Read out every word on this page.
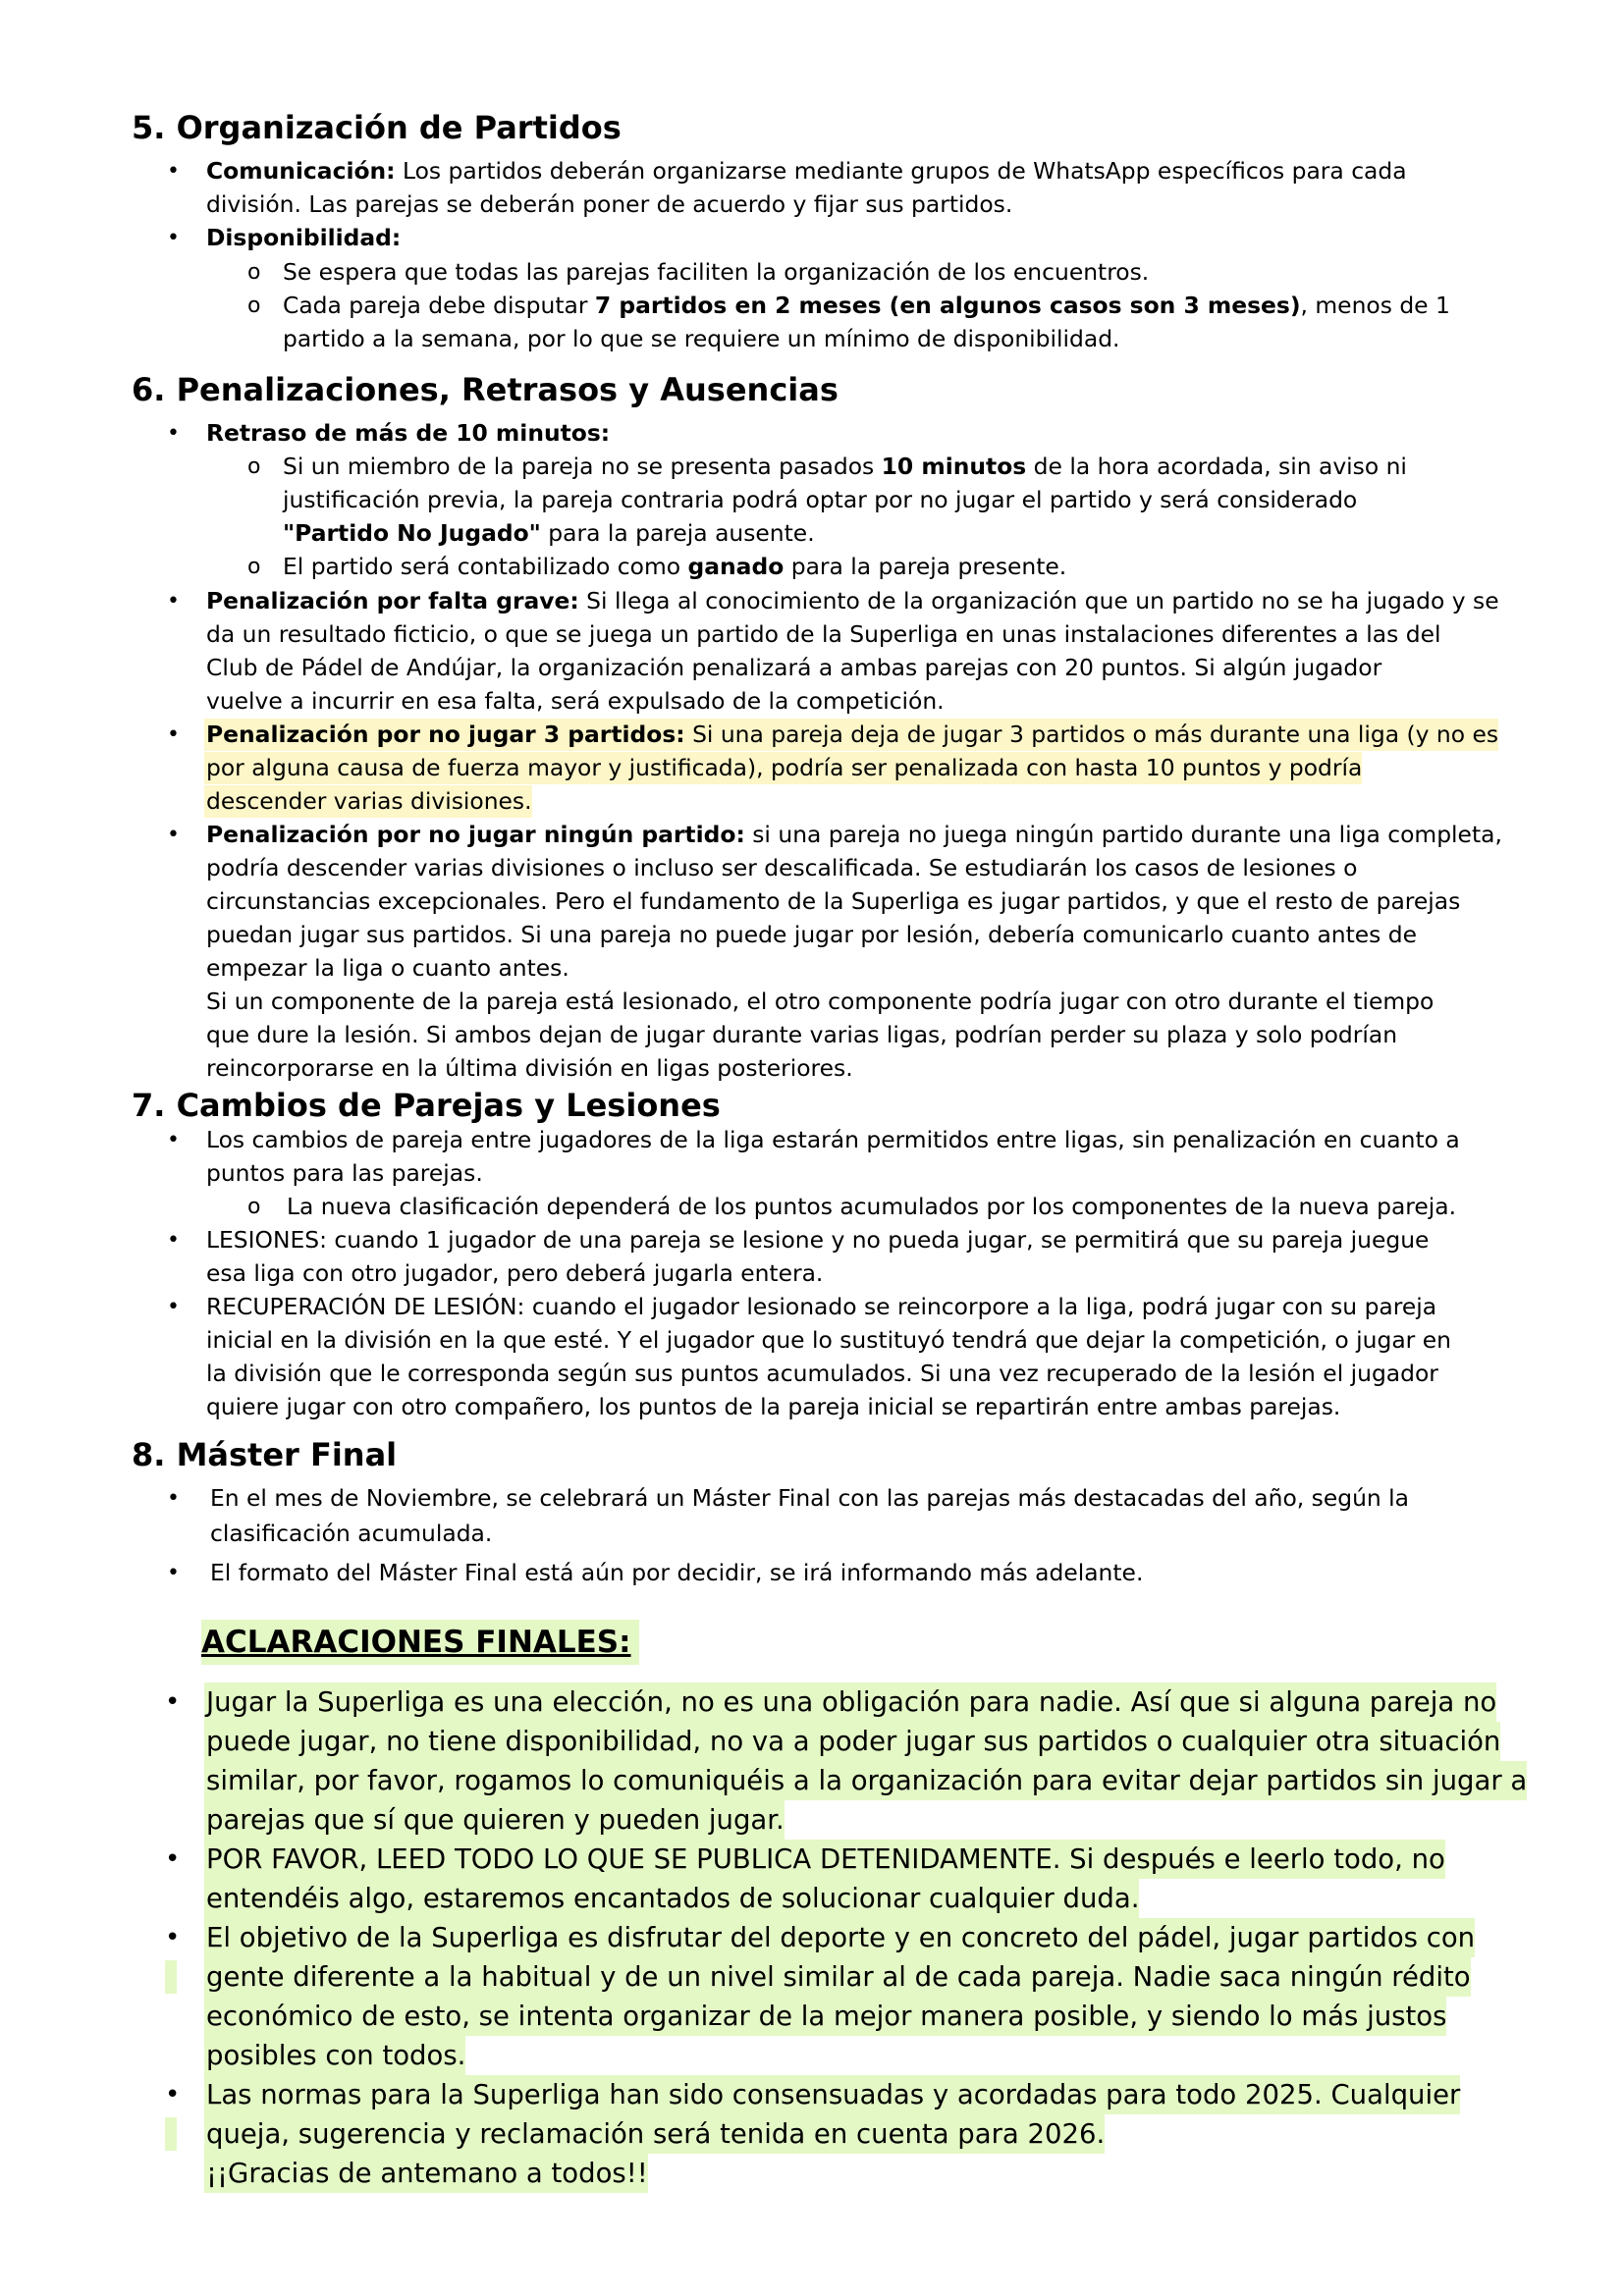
5. Organización de Partidos
• Comunicación: Los partidos deberán organizarse mediante grupos de WhatsApp específicos para cada
división. Las parejas se deberán poner de acuerdo y fijar sus partidos.
• Disponibilidad:
o Se espera que todas las parejas faciliten la organización de los encuentros.
o Cada pareja debe disputar 7 partidos en 2 meses (en algunos casos son 3 meses), menos de 1
partido a la semana, por lo que se requiere un mínimo de disponibilidad.
6. Penalizaciones, Retrasos y Ausencias
• Retraso de más de 10 minutos:
o Si un miembro de la pareja no se presenta pasados 10 minutos de la hora acordada, sin aviso ni
justificación previa, la pareja contraria podrá optar por no jugar el partido y será considerado
"Partido No Jugado" para la pareja ausente.
o El partido será contabilizado como ganado para la pareja presente.
• Penalización por falta grave: Si llega al conocimiento de la organización que un partido no se ha jugado y se
da un resultado ficticio, o que se juega un partido de la Superliga en unas instalaciones diferentes a las del
Club de Pádel de Andújar, la organización penalizará a ambas parejas con 20 puntos. Si algún jugador
vuelve a incurrir en esa falta, será expulsado de la competición.
• Penalización por no jugar 3 partidos: Si una pareja deja de jugar 3 partidos o más durante una liga (y no es
por alguna causa de fuerza mayor y justificada), podría ser penalizada con hasta 10 puntos y podría
descender varias divisiones.
• Penalización por no jugar ningún partido: si una pareja no juega ningún partido durante una liga completa,
podría descender varias divisiones o incluso ser descalificada. Se estudiarán los casos de lesiones o
circunstancias excepcionales. Pero el fundamento de la Superliga es jugar partidos, y que el resto de parejas
puedan jugar sus partidos. Si una pareja no puede jugar por lesión, debería comunicarlo cuanto antes de
empezar la liga o cuanto antes.
Si un componente de la pareja está lesionado, el otro componente podría jugar con otro durante el tiempo
que dure la lesión. Si ambos dejan de jugar durante varias ligas, podrían perder su plaza y solo podrían
reincorporarse en la última división en ligas posteriores.
7. Cambios de Parejas y Lesiones
• Los cambios de pareja entre jugadores de la liga estarán permitidos entre ligas, sin penalización en cuanto a
puntos para las parejas.
o La nueva clasificación dependerá de los puntos acumulados por los componentes de la nueva pareja.
• LESIONES: cuando 1 jugador de una pareja se lesione y no pueda jugar, se permitirá que su pareja juegue
esa liga con otro jugador, pero deberá jugarla entera.
• RECUPERACIÓN DE LESIÓN: cuando el jugador lesionado se reincorpore a la liga, podrá jugar con su pareja
inicial en la división en la que esté. Y el jugador que lo sustituyó tendrá que dejar la competición, o jugar en
la división que le corresponda según sus puntos acumulados. Si una vez recuperado de la lesión el jugador
quiere jugar con otro compañero, los puntos de la pareja inicial se repartirán entre ambas parejas.
8. Máster Final
• En el mes de Noviembre, se celebrará un Máster Final con las parejas más destacadas del año, según la
clasificación acumulada.
• El formato del Máster Final está aún por decidir, se irá informando más adelante.
ACLARACIONES FINALES:
• Jugar la Superliga es una elección, no es una obligación para nadie. Así que si alguna pareja no
puede jugar, no tiene disponibilidad, no va a poder jugar sus partidos o cualquier otra situación
similar, por favor, rogamos lo comuniquéis a la organización para evitar dejar partidos sin jugar a
parejas que sí que quieren y pueden jugar.
• POR FAVOR, LEED TODO LO QUE SE PUBLICA DETENIDAMENTE. Si después e leerlo todo, no
entendéis algo, estaremos encantados de solucionar cualquier duda.
• El objetivo de la Superliga es disfrutar del deporte y en concreto del pádel, jugar partidos con
gente diferente a la habitual y de un nivel similar al de cada pareja. Nadie saca ningún rédito
económico de esto, se intenta organizar de la mejor manera posible, y siendo lo más justos
posibles con todos.
• Las normas para la Superliga han sido consensuadas y acordadas para todo 2025. Cualquier
queja, sugerencia y reclamación será tenida en cuenta para 2026.
¡¡Gracias de antemano a todos!!
